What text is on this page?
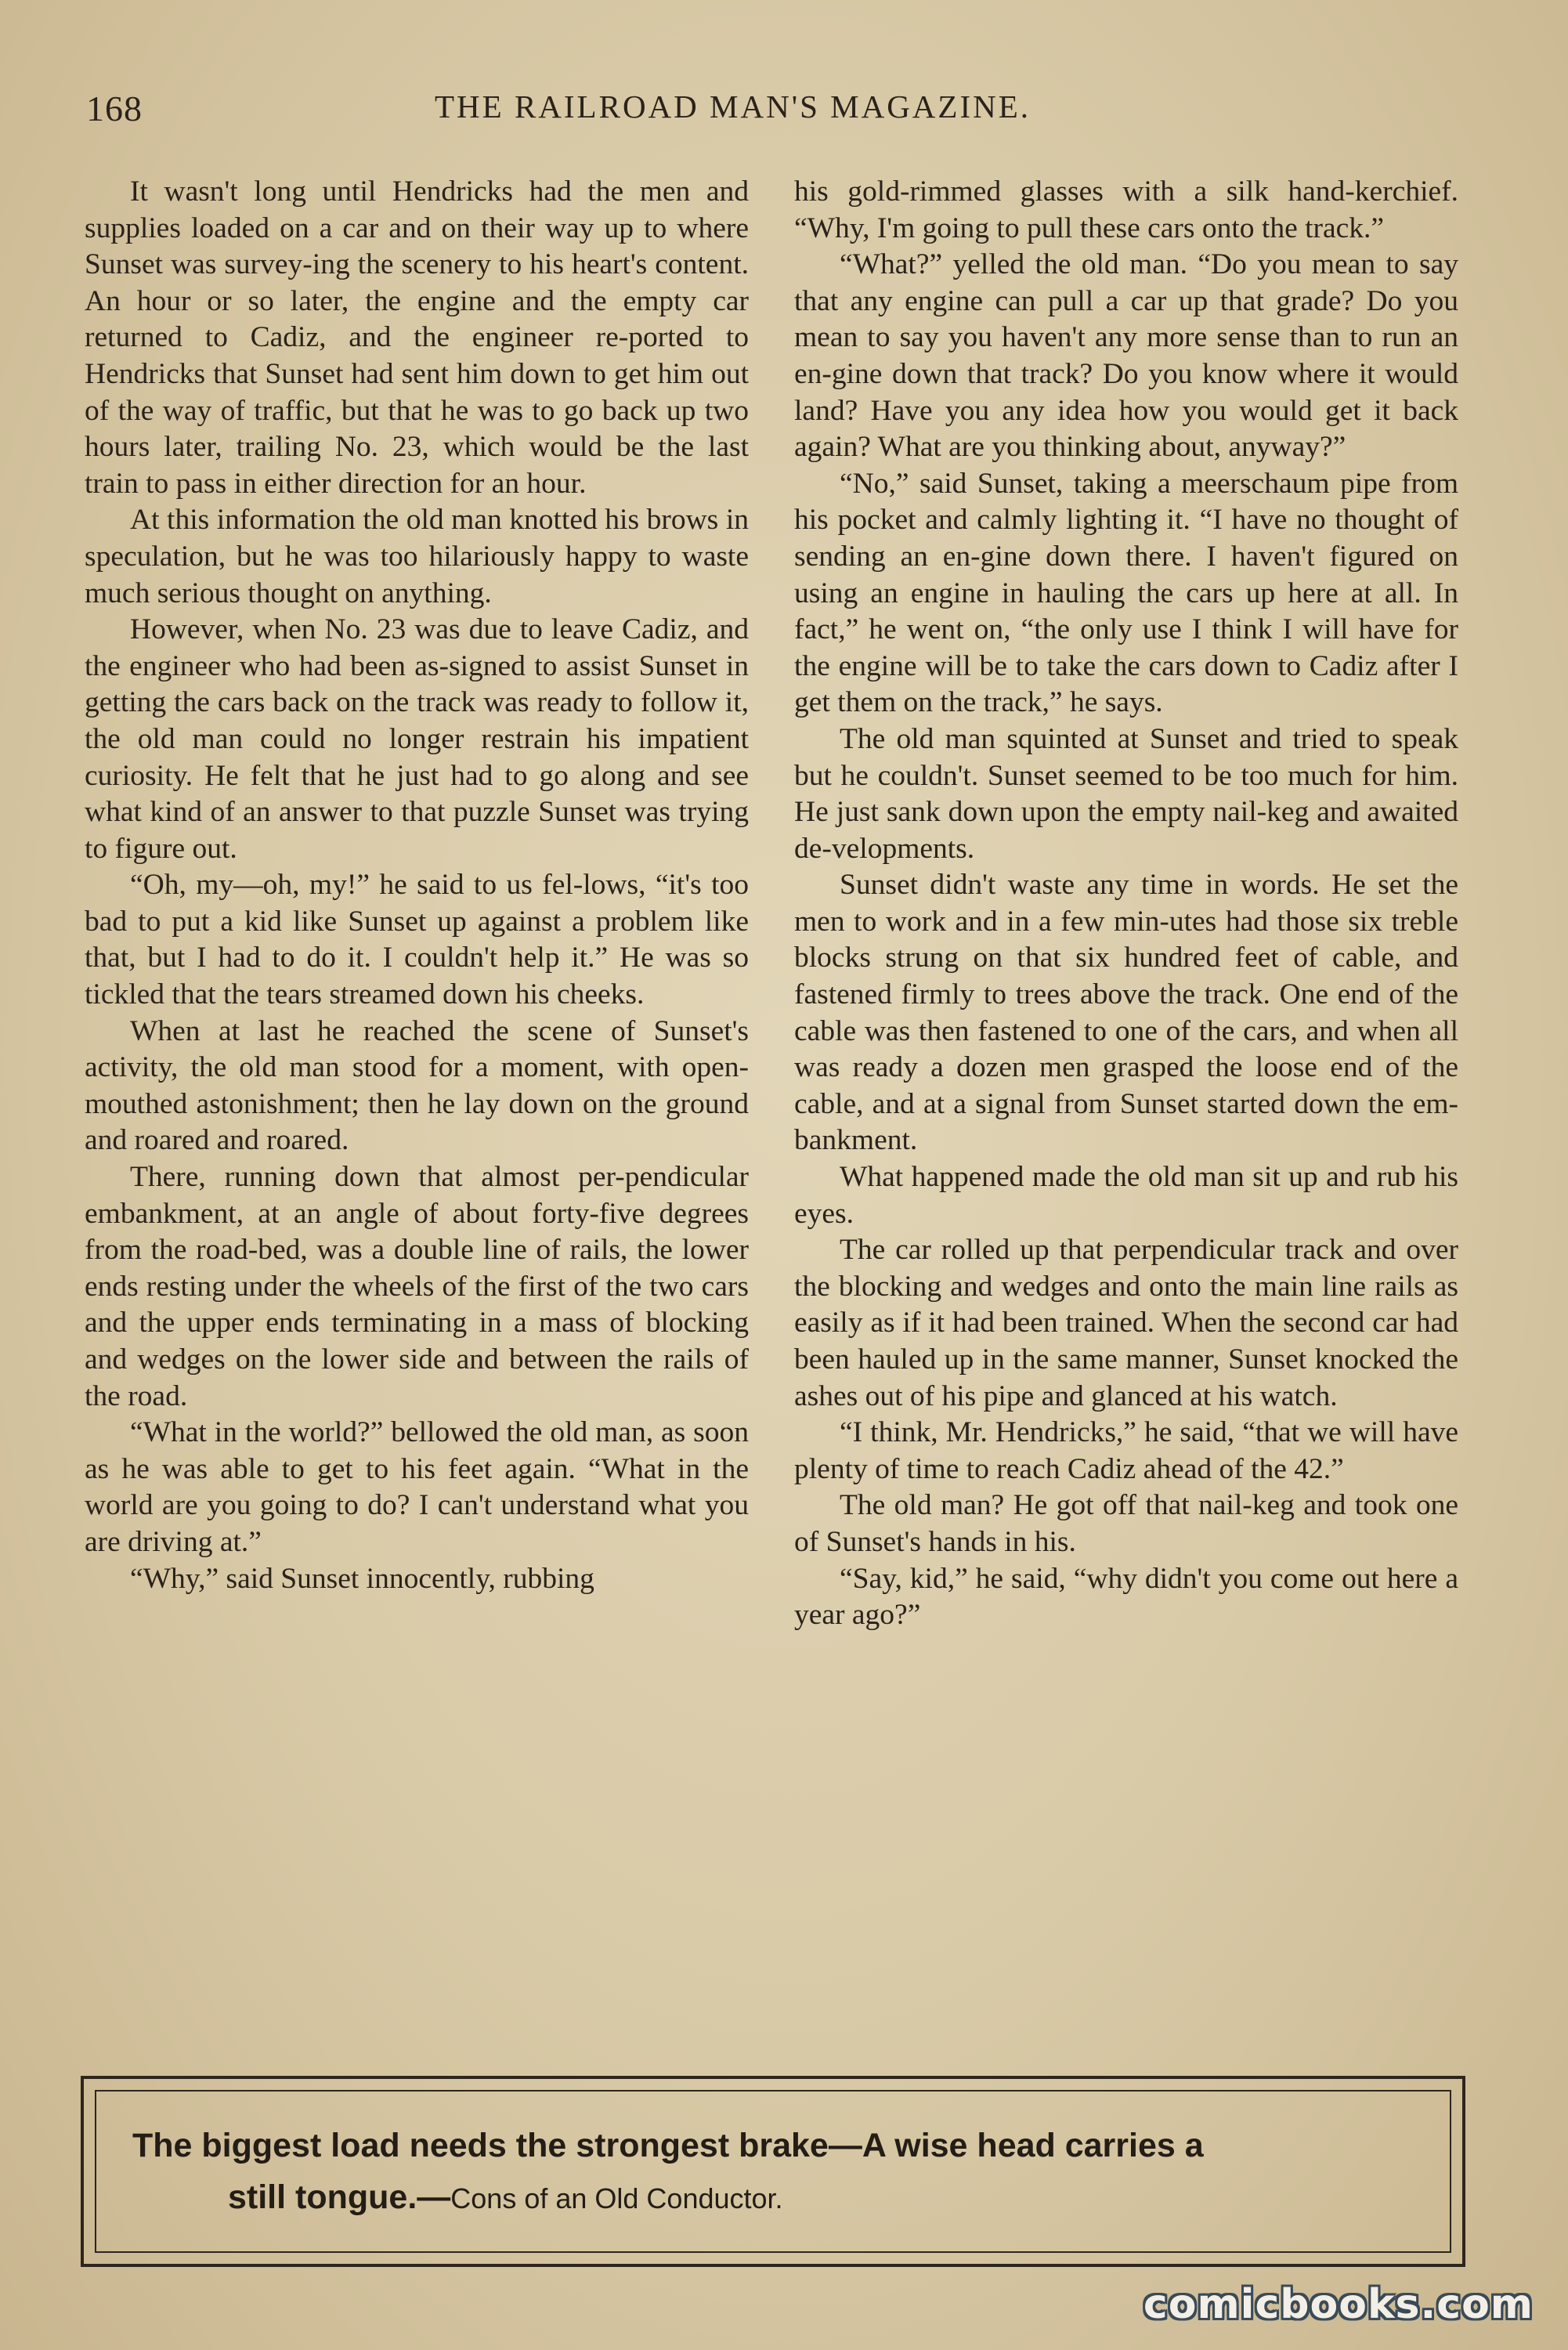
168	THE RAILROAD MAN'S MAGAZINE.

It wasn't long until Hendricks had the men and supplies loaded on a car and on their way up to where Sunset was survey-ing the scenery to his heart's content. An hour or so later, the engine and the empty car returned to Cadiz, and the engineer re-ported to Hendricks that Sunset had sent him down to get him out of the way of traffic, but that he was to go back up two hours later, trailing No. 23, which would be the last train to pass in either direction for an hour.

At this information the old man knotted his brows in speculation, but he was too hilariously happy to waste much serious thought on anything.

However, when No. 23 was due to leave Cadiz, and the engineer who had been as-signed to assist Sunset in getting the cars back on the track was ready to follow it, the old man could no longer restrain his impatient curiosity. He felt that he just had to go along and see what kind of an answer to that puzzle Sunset was trying to figure out.

“Oh, my—oh, my!” he said to us fel-lows, “it's too bad to put a kid like Sunset up against a problem like that, but I had to do it. I couldn't help it.” He was so tickled that the tears streamed down his cheeks.

When at last he reached the scene of Sunset's activity, the old man stood for a moment, with open-mouthed astonishment; then he lay down on the ground and roared and roared.

There, running down that almost per-pendicular embankment, at an angle of about forty-five degrees from the road-bed, was a double line of rails, the lower ends resting under the wheels of the first of the two cars and the upper ends terminating in a mass of blocking and wedges on the lower side and between the rails of the road.

“What in the world?” bellowed the old man, as soon as he was able to get to his feet again. “What in the world are you going to do? I can't understand what you are driving at.”

“Why,” said Sunset innocently, rubbing

his gold-rimmed glasses with a silk hand-kerchief. “Why, I'm going to pull these cars onto the track.”

“What?” yelled the old man. “Do you mean to say that any engine can pull a car up that grade? Do you mean to say you haven't any more sense than to run an en-gine down that track? Do you know where it would land? Have you any idea how you would get it back again? What are you thinking about, anyway?”

“No,” said Sunset, taking a meerschaum pipe from his pocket and calmly lighting it. “I have no thought of sending an en-gine down there. I haven't figured on using an engine in hauling the cars up here at all. In fact,” he went on, “the only use I think I will have for the engine will be to take the cars down to Cadiz after I get them on the track,” he says.

The old man squinted at Sunset and tried to speak but he couldn't. Sunset seemed to be too much for him. He just sank down upon the empty nail-keg and awaited de-velopments.

Sunset didn't waste any time in words. He set the men to work and in a few min-utes had those six treble blocks strung on that six hundred feet of cable, and fastened firmly to trees above the track. One end of the cable was then fastened to one of the cars, and when all was ready a dozen men grasped the loose end of the cable, and at a signal from Sunset started down the em-bankment.

What happened made the old man sit up and rub his eyes.

The car rolled up that perpendicular track and over the blocking and wedges and onto the main line rails as easily as if it had been trained. When the second car had been hauled up in the same manner, Sunset knocked the ashes out of his pipe and glanced at his watch.

“I think, Mr. Hendricks,” he said, “that we will have plenty of time to reach Cadiz ahead of the 42.”

The old man? He got off that nail-keg and took one of Sunset's hands in his.

“Say, kid,” he said, “why didn't you come out here a year ago?”

The biggest load needs the strongest brake—A wise head carries a
still tongue.—Cons of an Old Conductor.
comicbooks.com
